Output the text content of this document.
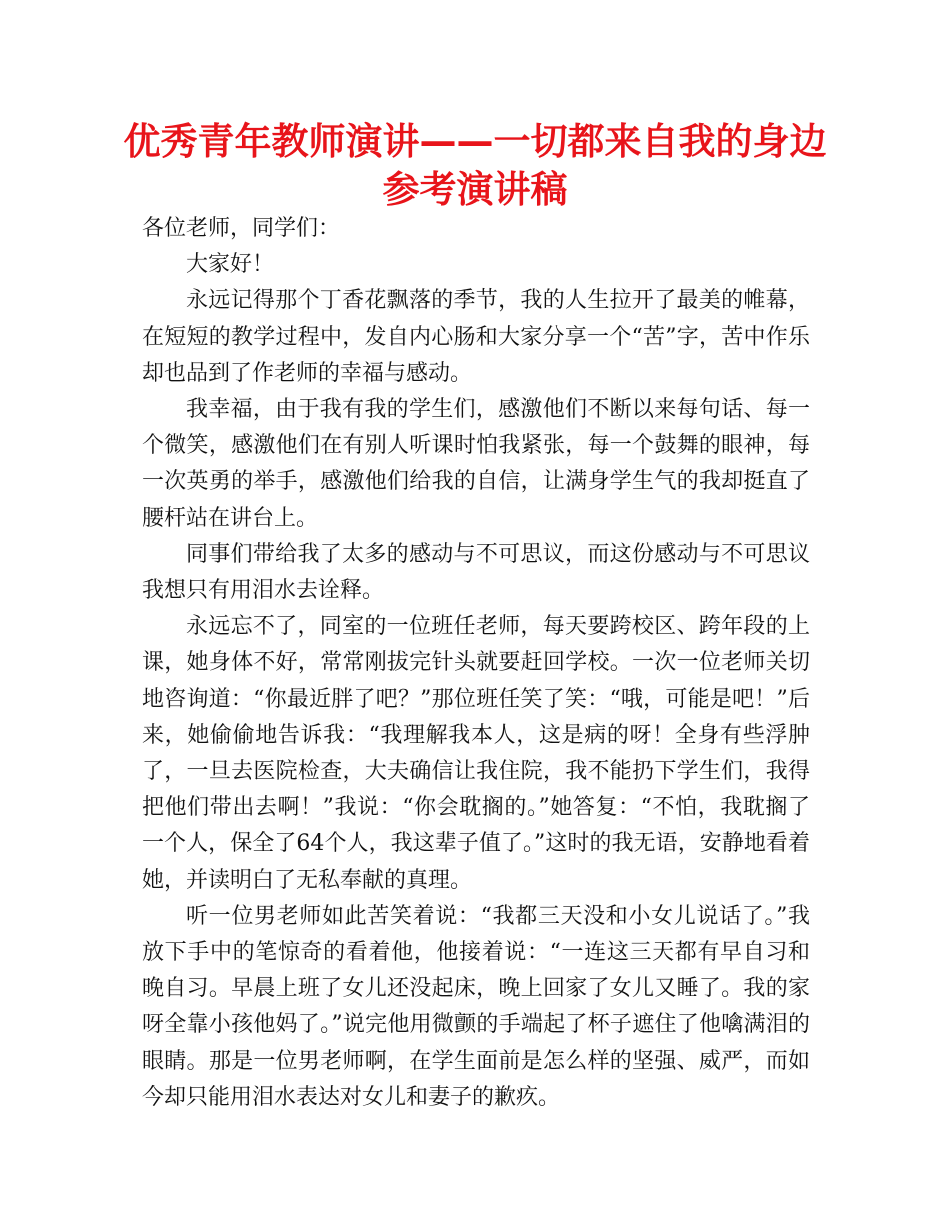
优秀青年教师演讲——一切都来自我的身边参考演讲稿

各位老师，同学们：

大家好！

永远记得那个丁香花飘落的季节，我的人生拉开了最美的帷幕，在短短的教学过程中，发自内心肠和大家分享一个“苦”字，苦中作乐却也品到了作老师的幸福与感动。

我幸福，由于我有我的学生们，感激他们不断以来每句话、每一个微笑，感激他们在有别人听课时怕我紧张，每一个鼓舞的眼神，每一次英勇的举手，感激他们给我的自信，让满身学生气的我却挺直了腰杆站在讲台上。

同事们带给我了太多的感动与不可思议，而这份感动与不可思议我想只有用泪水去诠释。

永远忘不了，同室的一位班任老师，每天要跨校区、跨年段的上课，她身体不好，常常刚拔完针头就要赶回学校。一次一位老师关切地咨询道：“你最近胖了吧？”那位班任笑了笑：“哦，可能是吧！”后来，她偷偷地告诉我：“我理解我本人，这是病的呀！全身有些浮肿了，一旦去医院检查，大夫确信让我住院，我不能扔下学生们，我得把他们带出去啊！”我说：“你会耽搁的。”她答复：“不怕，我耽搁了一个人，保全了64个人，我这辈子值了。”这时的我无语，安静地看着她，并读明白了无私奉献的真理。

听一位男老师如此苦笑着说：“我都三天没和小女儿说话了。”我放下手中的笔惊奇的看着他，他接着说：“一连这三天都有早自习和晚自习。早晨上班了女儿还没起床，晚上回家了女儿又睡了。我的家呀全靠小孩他妈了。”说完他用微颤的手端起了杯子遮住了他噙满泪的眼睛。那是一位男老师啊，在学生面前是怎么样的坚强、威严，而如今却只能用泪水表达对女儿和妻子的歉疚。
